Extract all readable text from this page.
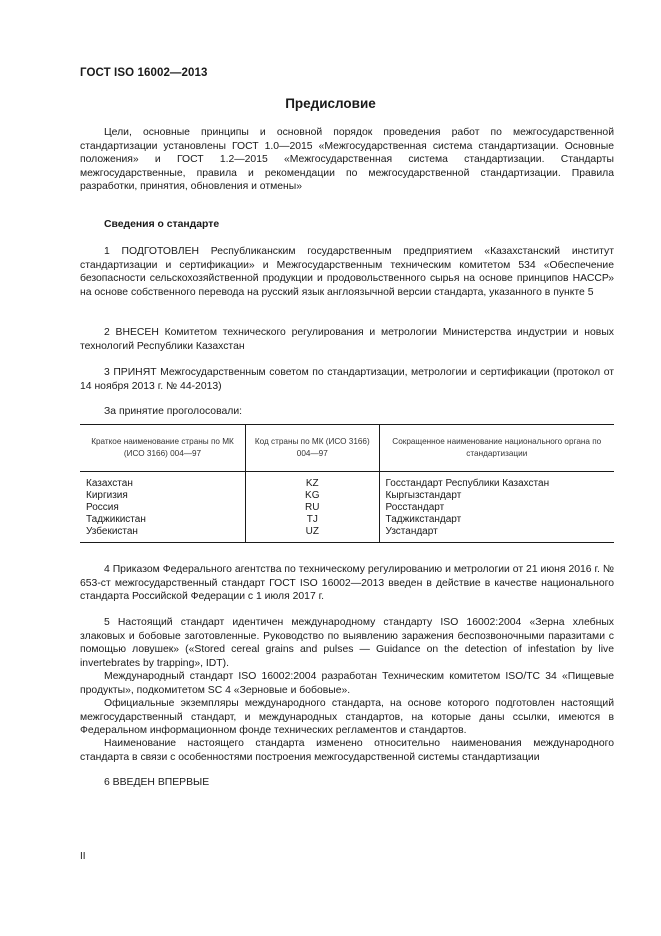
ГОСТ ISO 16002—2013
Предисловие
Цели, основные принципы и основной порядок проведения работ по межгосударственной стандартизации установлены ГОСТ 1.0—2015 «Межгосударственная система стандартизации. Основные положения» и ГОСТ 1.2—2015 «Межгосударственная система стандартизации. Стандарты межгосударственные, правила и рекомендации по межгосударственной стандартизации. Правила разработки, принятия, обновления и отмены»
Сведения о стандарте
1 ПОДГОТОВЛЕН Республиканским государственным предприятием «Казахстанский институт стандартизации и сертификации» и Межгосударственным техническим комитетом 534 «Обеспечение безопасности сельскохозяйственной продукции и продовольственного сырья на основе принципов НАССР» на основе собственного перевода на русский язык англоязычной версии стандарта, указанного в пункте 5
2 ВНЕСЕН Комитетом технического регулирования и метрологии Министерства индустрии и новых технологий Республики Казахстан
3 ПРИНЯТ Межгосударственным советом по стандартизации, метрологии и сертификации (протокол от 14 ноября 2013 г. № 44-2013)
За принятие проголосовали:
Краткое наименование страны по МК (ИСО 3166) 004—97	Код страны по МК (ИСО 3166) 004—97	Сокращенное наименование национального органа по стандартизации
Казахстан	KZ	Госстандарт Республики Казахстан
Киргизия	KG	Кыргызстандарт
Россия	RU	Росстандарт
Таджикистан	TJ	Таджикстандарт
Узбекистан	UZ	Узстандарт
4 Приказом Федерального агентства по техническому регулированию и метрологии от 21 июня 2016 г. № 653-ст межгосударственный стандарт ГОСТ ISO 16002—2013 введен в действие в качестве национального стандарта Российской Федерации с 1 июля 2017 г.
5 Настоящий стандарт идентичен международному стандарту ISO 16002:2004 «Зерна хлебных злаковых и бобовые заготовленные. Руководство по выявлению заражения беспозвоночными паразитами с помощью ловушек» («Stored cereal grains and pulses — Guidance on the detection of infestation by live invertebrates by trapping», IDT).
Международный стандарт ISO 16002:2004 разработан Техническим комитетом ISO/TC 34 «Пищевые продукты», подкомитетом SC 4 «Зерновые и бобовые».
Официальные экземпляры международного стандарта, на основе которого подготовлен настоящий межгосударственный стандарт, и международных стандартов, на которые даны ссылки, имеются в Федеральном информационном фонде технических регламентов и стандартов.
Наименование настоящего стандарта изменено относительно наименования международного стандарта в связи с особенностями построения межгосударственной системы стандартизации
6 ВВЕДЕН ВПЕРВЫЕ
II
